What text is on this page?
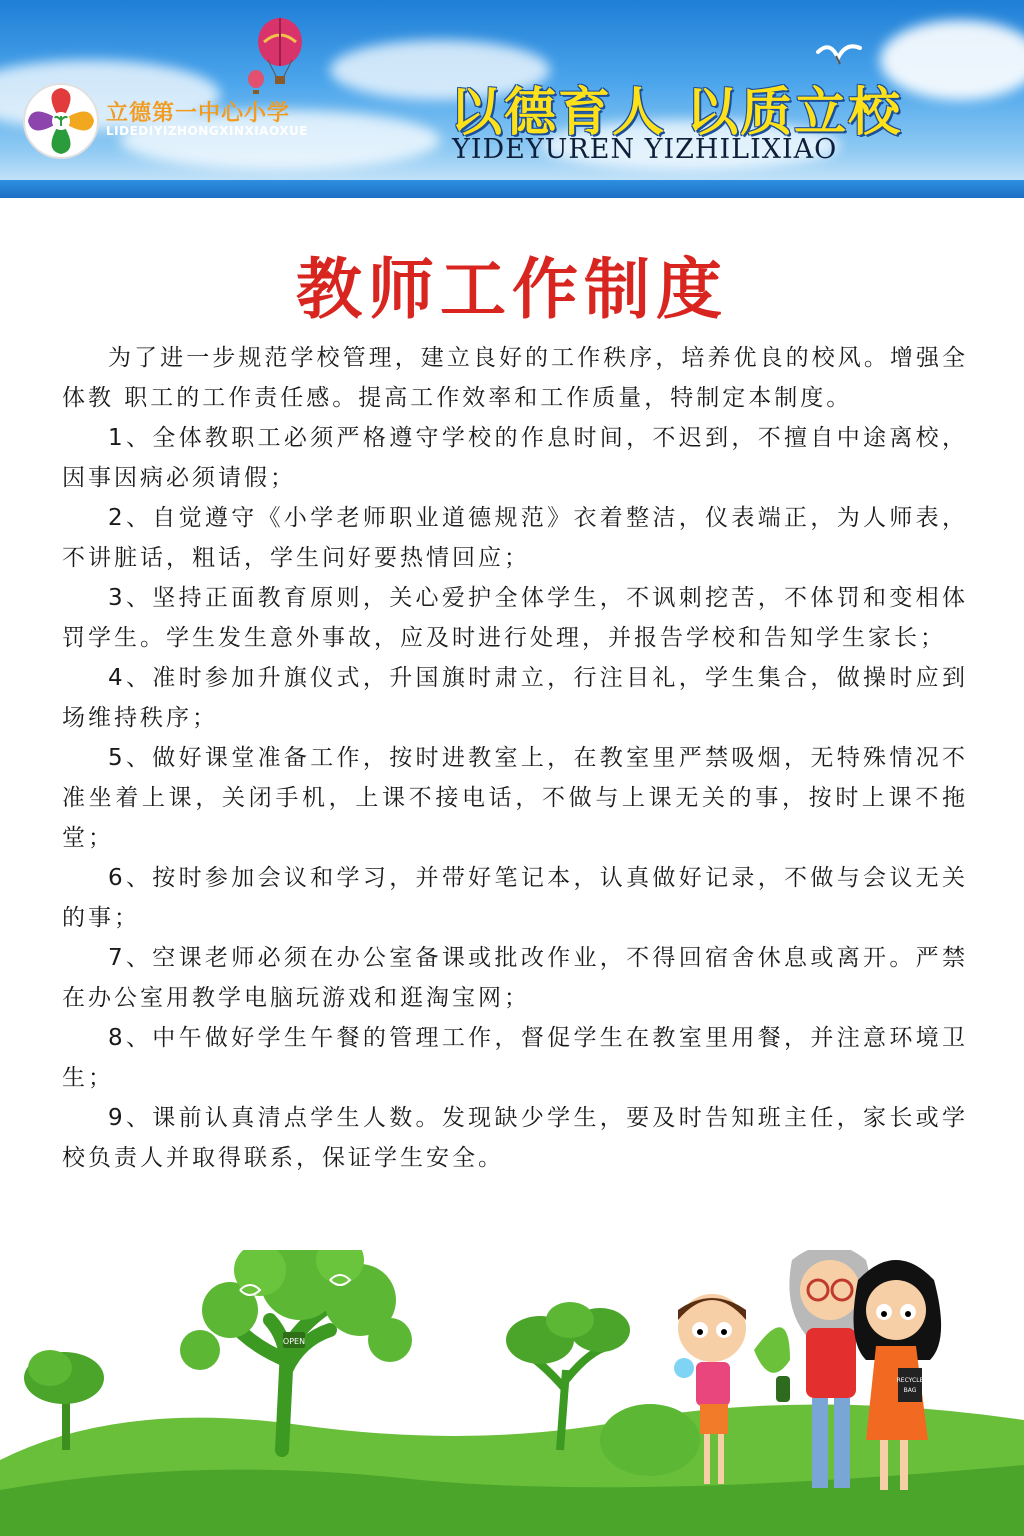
立德第一中心小学
LIDEDIYIZHONGXINXIAOXUE	以德育人 以质立校
YIDEYUREN YIZHILIXIAO
教师工作制度

为了进一步规范学校管理，建立良好的工作秩序，培养优良的校风。增强全体教 职工的工作责任感。提高工作效率和工作质量，特制定本制度。

1、全体教职工必须严格遵守学校的作息时间，不迟到，不擅自中途离校，因事因病必须请假；

2、自觉遵守《小学老师职业道德规范》衣着整洁，仪表端正，为人师表，不讲脏话，粗话，学生问好要热情回应；

3、坚持正面教育原则，关心爱护全体学生，不讽刺挖苦，不体罚和变相体罚学生。学生发生意外事故，应及时进行处理，并报告学校和告知学生家长；

4、准时参加升旗仪式，升国旗时肃立，行注目礼，学生集合，做操时应到场维持秩序；

5、做好课堂准备工作，按时进教室上，在教室里严禁吸烟，无特殊情况不准坐着上课，关闭手机，上课不接电话，不做与上课无关的事，按时上课不拖堂；

6、按时参加会议和学习，并带好笔记本，认真做好记录，不做与会议无关的事；

7、空课老师必须在办公室备课或批改作业，不得回宿舍休息或离开。严禁在办公室用教学电脑玩游戏和逛淘宝网；

8、中午做好学生午餐的管理工作，督促学生在教室里用餐，并注意环境卫生；

9、课前认真清点学生人数。发现缺少学生，要及时告知班主任，家长或学校负责人并取得联系，保证学生安全。

OPEN
RECYCLE
BAG
